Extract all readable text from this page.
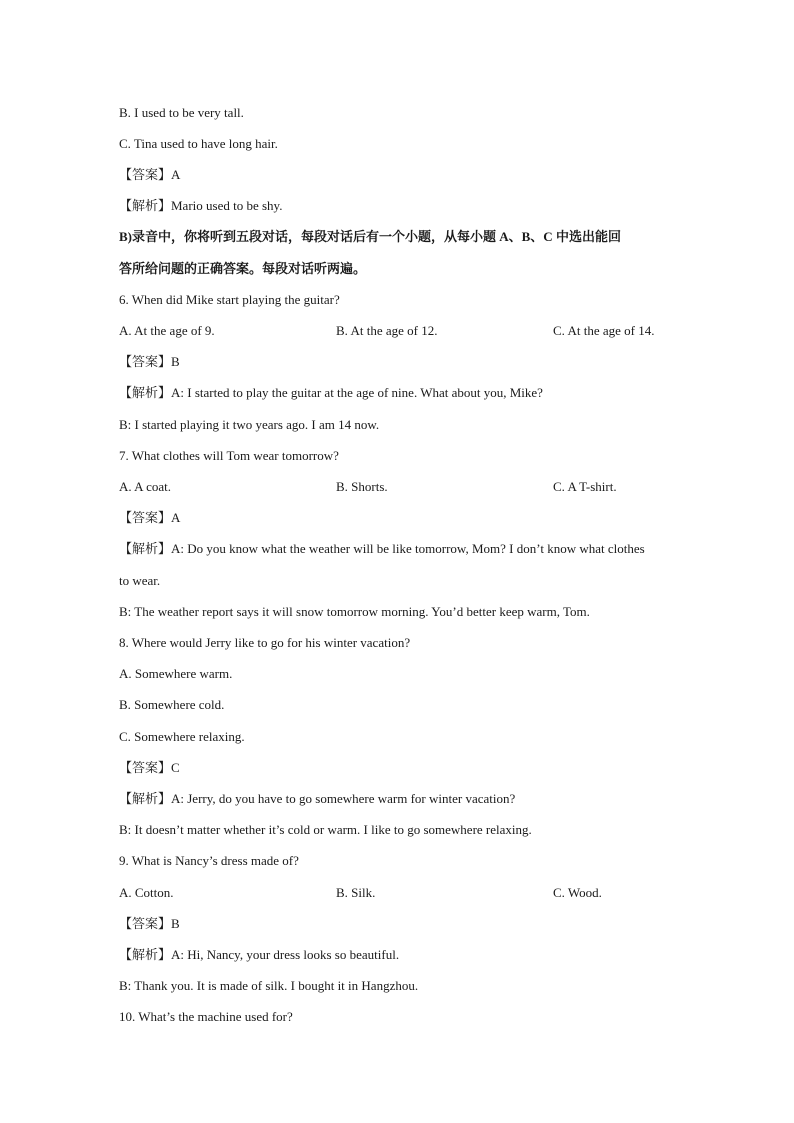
B. I used to be very tall.
C. Tina used to have long hair.
【答案】A
【解析】Mario used to be shy.
B)录音中，你将听到五段对话，每段对话后有一个小题，从每小题 A、B、C 中选出能回
答所给问题的正确答案。每段对话听两遍。
6. When did Mike start playing the guitar?
A. At the age of 9.	B. At the age of 12.	C. At the age of 14.
【答案】B
【解析】A: I started to play the guitar at the age of nine. What about you, Mike?
B: I started playing it two years ago. I am 14 now.
7. What clothes will Tom wear tomorrow?
A. A coat.	B. Shorts.	C. A T-shirt.
【答案】A
【解析】A: Do you know what the weather will be like tomorrow, Mom? I don’t know what clothes
to wear.
B: The weather report says it will snow tomorrow morning. You’d better keep warm, Tom.
8. Where would Jerry like to go for his winter vacation?
A. Somewhere warm.
B. Somewhere cold.
C. Somewhere relaxing.
【答案】C
【解析】A: Jerry, do you have to go somewhere warm for winter vacation?
B: It doesn’t matter whether it’s cold or warm. I like to go somewhere relaxing.
9. What is Nancy’s dress made of?
A. Cotton.	B. Silk.	C. Wood.
【答案】B
【解析】A: Hi, Nancy, your dress looks so beautiful.
B: Thank you. It is made of silk. I bought it in Hangzhou.
10. What’s the machine used for?
